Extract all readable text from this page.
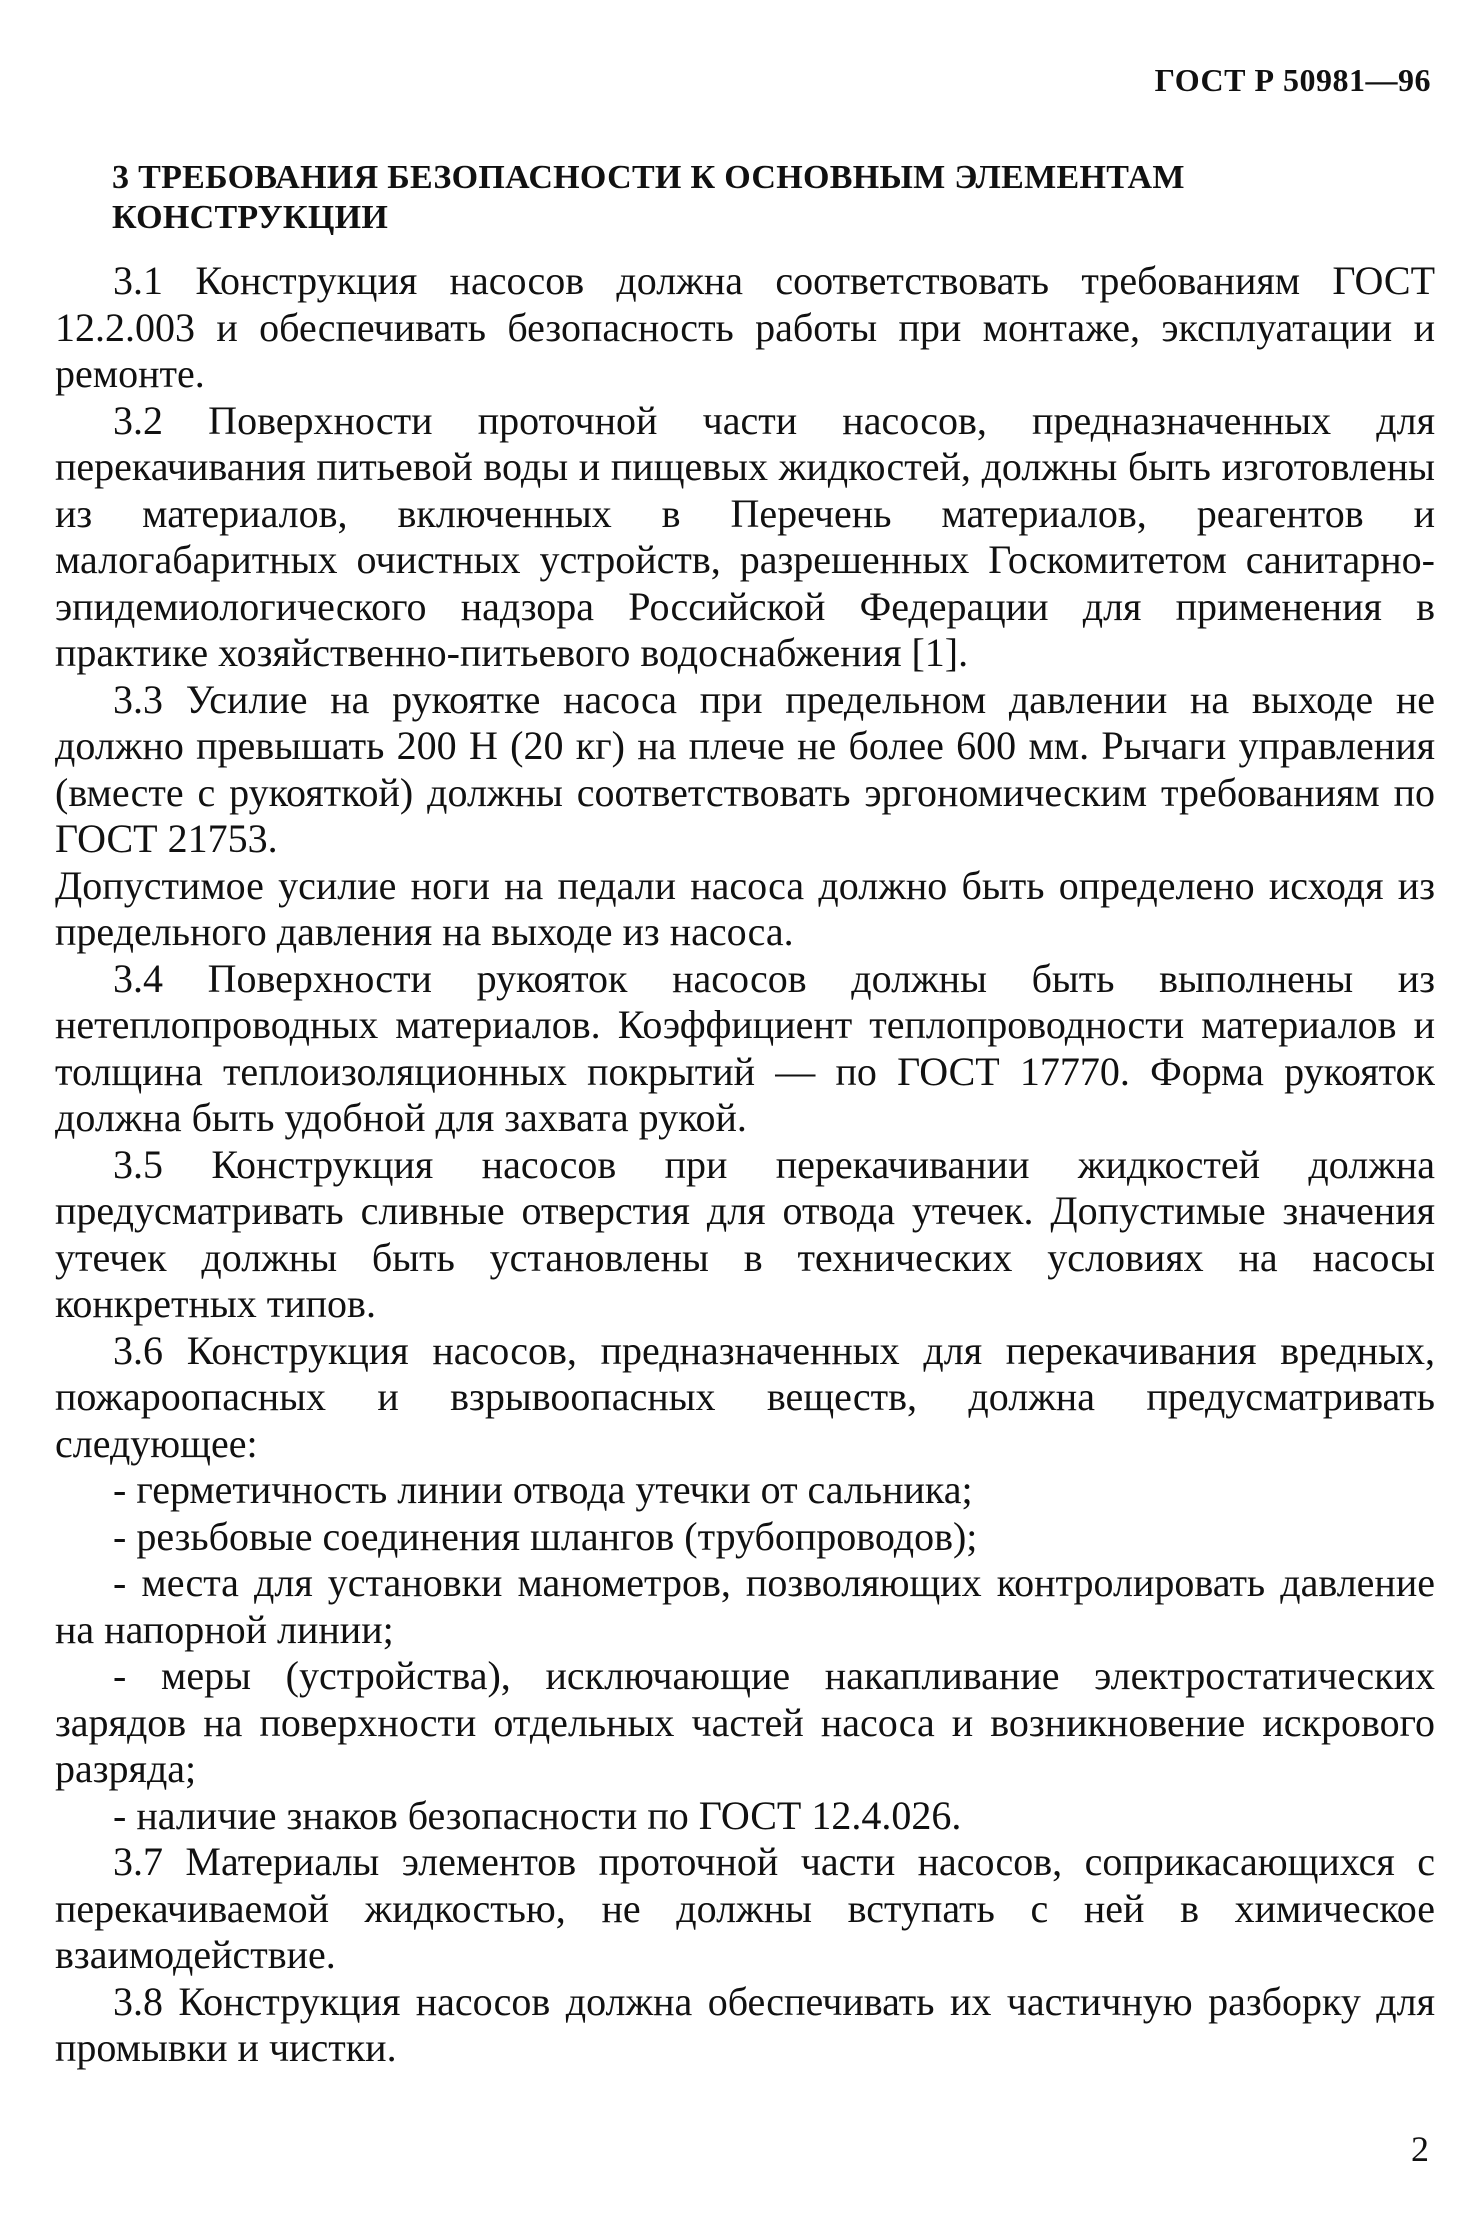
ГОСТ Р 50981—96
3 ТРЕБОВАНИЯ БЕЗОПАСНОСТИ К ОСНОВНЫМ ЭЛЕМЕНТАМ КОНСТРУКЦИИ

3.1 Конструкция насосов должна соответствовать требованиям ГОСТ 12.2.003 и обеспечивать безопасность работы при монтаже, эксплуатации и ремонте.

3.2 Поверхности проточной части насосов, предназначенных для перекачивания питьевой воды и пищевых жидкостей, должны быть изготовлены из материалов, включенных в Перечень материалов, реагентов и малогабаритных очистных устройств, разрешенных Госкомитетом санитарно-эпидемиологического надзора Российской Федерации для применения в практике хозяйственно-питьевого водоснабжения [1].

3.3 Усилие на рукоятке насоса при предельном давлении на выходе не должно превышать 200 Н (20 кг) на плече не более 600 мм. Рычаги управления (вместе с рукояткой) должны соответствовать эргономическим требованиям по ГОСТ 21753.

Допустимое усилие ноги на педали насоса должно быть определено исходя из предельного давления на выходе из насоса.

3.4 Поверхности рукояток насосов должны быть выполнены из нетеплопроводных материалов. Коэффициент теплопроводности материалов и толщина теплоизоляционных покрытий — по ГОСТ 17770. Форма рукояток должна быть удобной для захвата рукой.

3.5 Конструкция насосов при перекачивании жидкостей должна предусматривать сливные отверстия для отвода утечек. Допустимые значения утечек должны быть установлены в технических условиях на насосы конкретных типов.

3.6 Конструкция насосов, предназначенных для перекачивания вредных, пожароопасных и взрывоопасных веществ, должна предусматривать следующее:

- герметичность линии отвода утечки от сальника;

- резьбовые соединения шлангов (трубопроводов);

- места для установки манометров, позволяющих контролировать давление на напорной линии;

- меры (устройства), исключающие накапливание электростатических зарядов на поверхности отдельных частей насоса и возникновение искрового разряда;

- наличие знаков безопасности по ГОСТ 12.4.026.

3.7 Материалы элементов проточной части насосов, соприкасающихся с перекачиваемой жидкостью, не должны вступать с ней в химическое взаимодействие.

3.8 Конструкция насосов должна обеспечивать их частичную разборку для промывки и чистки.

2
